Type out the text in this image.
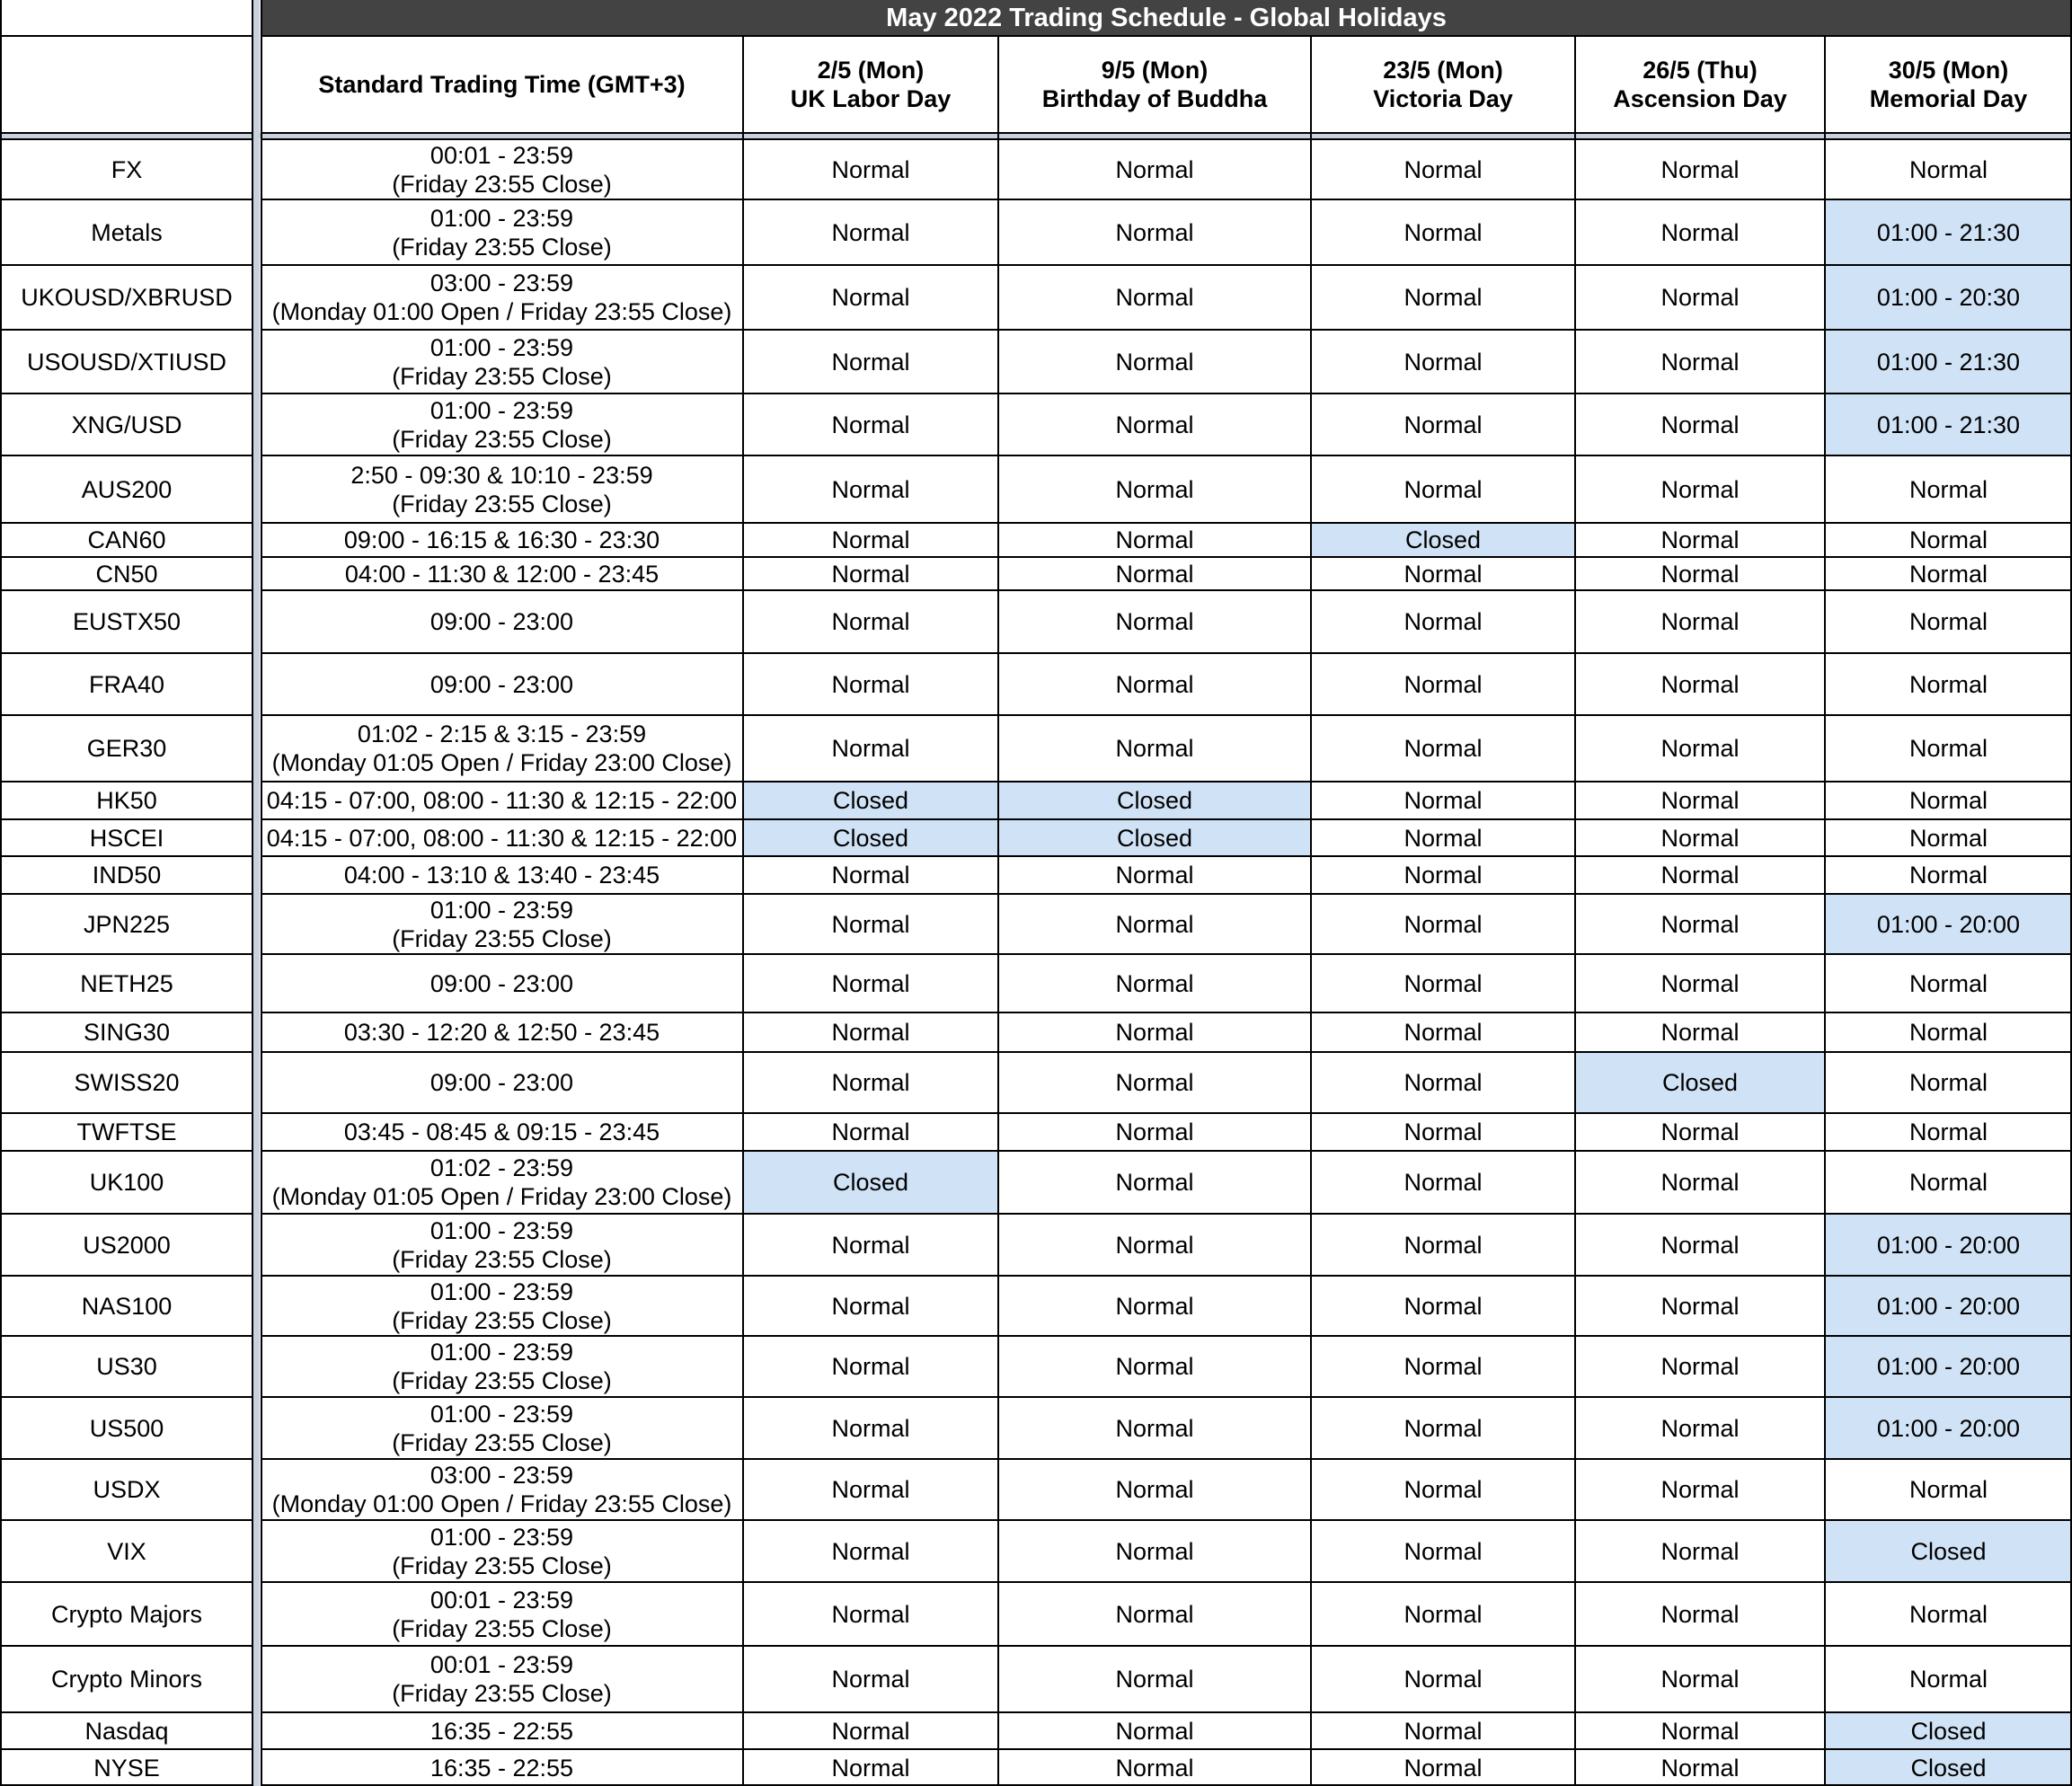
May 2022 Trading Schedule - Global Holidays
Standard Trading Time (GMT+3)
2/5 (Mon)
UK Labor Day
9/5 (Mon)
Birthday of Buddha
23/5 (Mon)
Victoria Day
26/5 (Thu)
Ascension Day
30/5 (Mon)
Memorial Day
FX
00:01 - 23:59
(Friday 23:55 Close)
Normal	Normal	Normal	Normal	Normal
Metals
01:00 - 23:59
(Friday 23:55 Close)
Normal	Normal	Normal	Normal	01:00 - 21:30
UKOUSD/XBRUSD
03:00 - 23:59
(Monday 01:00 Open / Friday 23:55 Close)
Normal	Normal	Normal	Normal	01:00 - 20:30
USOUSD/XTIUSD
01:00 - 23:59
(Friday 23:55 Close)
Normal	Normal	Normal	Normal	01:00 - 21:30
XNG/USD
01:00 - 23:59
(Friday 23:55 Close)
Normal	Normal	Normal	Normal	01:00 - 21:30
AUS200
2:50 - 09:30 & 10:10 - 23:59
(Friday 23:55 Close)
Normal	Normal	Normal	Normal	Normal
CAN60	09:00 - 16:15 & 16:30 - 23:30	Normal	Normal	Closed	Normal	Normal
CN50	04:00 - 11:30 & 12:00 - 23:45	Normal	Normal	Normal	Normal	Normal
EUSTX50	09:00 - 23:00	Normal	Normal	Normal	Normal	Normal
FRA40	09:00 - 23:00	Normal	Normal	Normal	Normal	Normal
GER30
01:02 - 2:15 & 3:15 - 23:59
(Monday 01:05 Open / Friday 23:00 Close)
Normal	Normal	Normal	Normal	Normal
HK50	04:15 - 07:00, 08:00 - 11:30 & 12:15 - 22:00	Closed	Closed	Normal	Normal	Normal
HSCEI	04:15 - 07:00, 08:00 - 11:30 & 12:15 - 22:00	Closed	Closed	Normal	Normal	Normal
IND50	04:00 - 13:10 & 13:40 - 23:45	Normal	Normal	Normal	Normal	Normal
JPN225
01:00 - 23:59
(Friday 23:55 Close)
Normal	Normal	Normal	Normal	01:00 - 20:00
NETH25	09:00 - 23:00	Normal	Normal	Normal	Normal	Normal
SING30	03:30 - 12:20 & 12:50 - 23:45	Normal	Normal	Normal	Normal	Normal
SWISS20	09:00 - 23:00	Normal	Normal	Normal	Closed	Normal
TWFTSE	03:45 - 08:45 & 09:15 - 23:45	Normal	Normal	Normal	Normal	Normal
UK100
01:02 - 23:59
(Monday 01:05 Open / Friday 23:00 Close)
Closed	Normal	Normal	Normal	Normal
US2000
01:00 - 23:59
(Friday 23:55 Close)
Normal	Normal	Normal	Normal	01:00 - 20:00
NAS100
01:00 - 23:59
(Friday 23:55 Close)
Normal	Normal	Normal	Normal	01:00 - 20:00
US30
01:00 - 23:59
(Friday 23:55 Close)
Normal	Normal	Normal	Normal	01:00 - 20:00
US500
01:00 - 23:59
(Friday 23:55 Close)
Normal	Normal	Normal	Normal	01:00 - 20:00
USDX
03:00 - 23:59
(Monday 01:00 Open / Friday 23:55 Close)
Normal	Normal	Normal	Normal	Normal
VIX
01:00 - 23:59
(Friday 23:55 Close)
Normal	Normal	Normal	Normal	Closed
Crypto Majors
00:01 - 23:59
(Friday 23:55 Close)
Normal	Normal	Normal	Normal	Normal
Crypto Minors
00:01 - 23:59
(Friday 23:55 Close)
Normal	Normal	Normal	Normal	Normal
Nasdaq	16:35 - 22:55	Normal	Normal	Normal	Normal	Closed
NYSE	16:35 - 22:55	Normal	Normal	Normal	Normal	Closed
